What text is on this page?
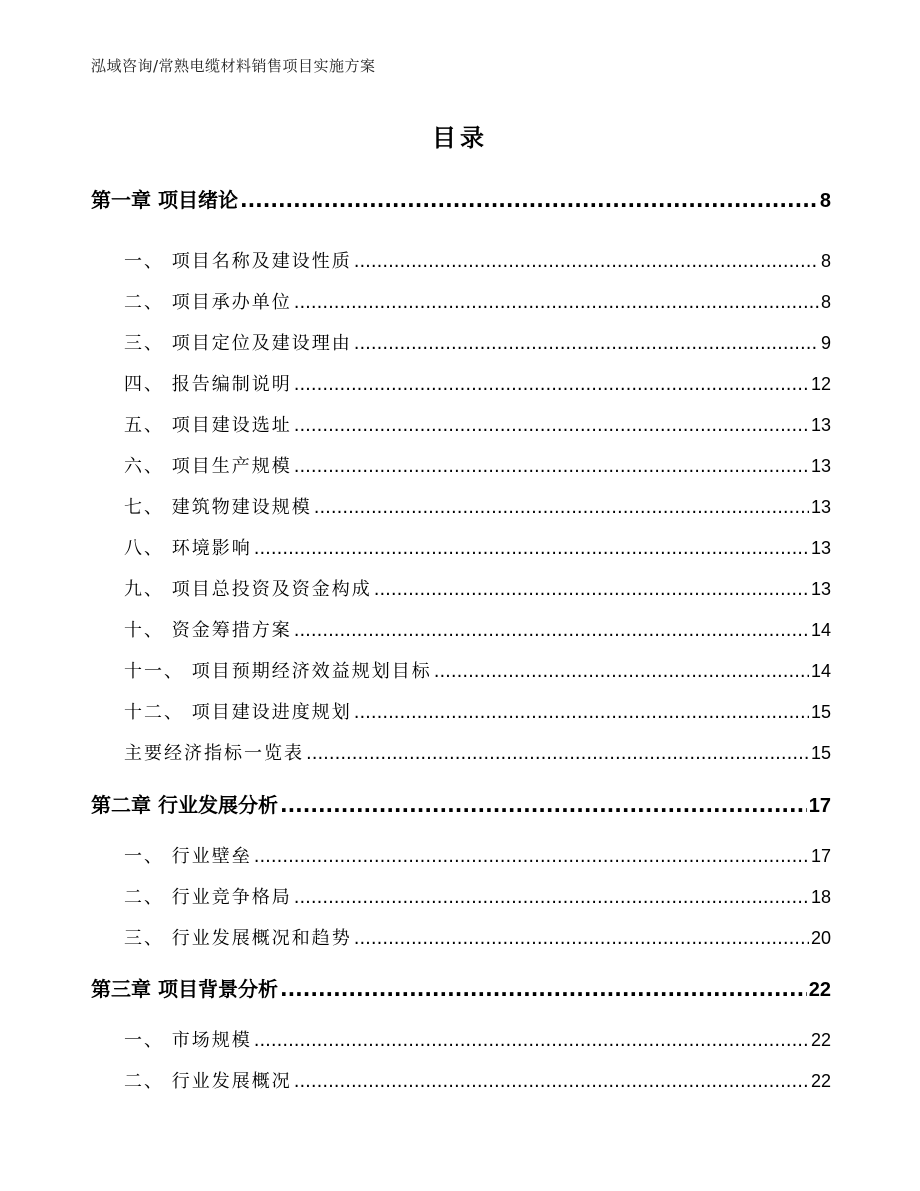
泓域咨询/常熟电缆材料销售项目实施方案
目录
第一章 项目绪论 .....	8
一、 项目名称及建设性质 .....	8
二、 项目承办单位 .....	8
三、 项目定位及建设理由 .....	9
四、 报告编制说明 .....	12
五、 项目建设选址 .....	13
六、 项目生产规模 .....	13
七、 建筑物建设规模 .....	13
八、 环境影响 .....	13
九、 项目总投资及资金构成 .....	13
十、 资金筹措方案 .....	14
十一、 项目预期经济效益规划目标 .....	14
十二、 项目建设进度规划 .....	15
主要经济指标一览表 .....	15
第二章 行业发展分析 .....	17
一、 行业壁垒 .....	17
二、 行业竞争格局 .....	18
三、 行业发展概况和趋势 .....	20
第三章 项目背景分析 .....	22
一、 市场规模 .....	22
二、 行业发展概况 .....	22
